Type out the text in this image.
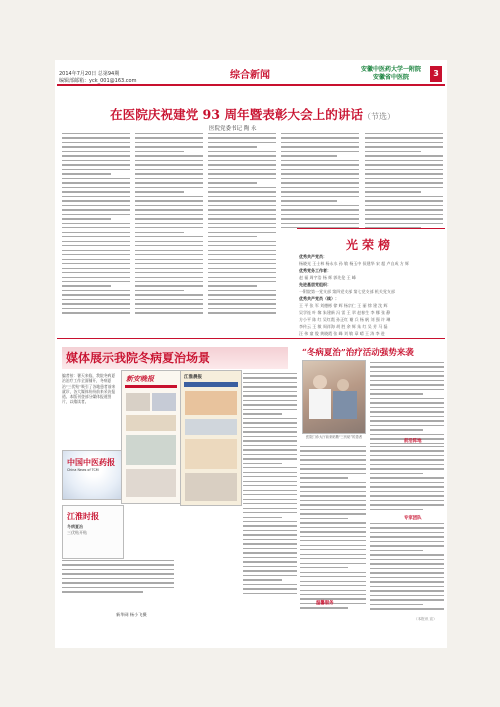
2014年7月20日 总第94期
编辑部邮箱：yck_001@163.com	综合新闻
安徽中医药大学一附院
安徽省中医院	3
在医院庆祝建党 93 周年暨表彰大会上的讲话（节选）
医院党委书记 陶 永
光荣榜
优秀共产党员：
杨晓光 王士林 杨永水 孙 敏 杨玉中 侯建华 宋 超 卢自成 方 辉
优秀党务工作者：
赵 福 周宇浩 杨 辉 郭先伦 王 峰
先进基层党组织：
一附院第一党支部 第四党支部 第七党支部 机关党支部
优秀共产党员（续）：
王 平 张 军 刘德彬 徐 辉 杨宗仁 王 丽 徐 建 沈 辉
吴学连 叶 黎 朱建新 冯 雷 王 翠 赵春生 李 娜 张 静
方小平 陈 红 吴红霞 孙正红 谢 兵 杨 帆 刘 强 许 琳
李传云 王 敏 周祥海 胡 胜 余 辉 朱 红 吴 芳 马 磊
汪 伟 童 俊 黄晓霞 张 峰 刘 敏 章 晴 王 涛 李 进
媒体展示我院冬病夏治场景
编者按：暑天来临，我院冬病夏治治疗工作全面铺开，冬病夏治“三伏贴”吸引了各地患者前来就诊，各大媒体纷纷前来采访报道。本版刊登部分媒体报道图片，以飨读者。
中国中医药报
China News of TCM
新安晚报	江淮晨报
江淮时报
冬病夏治
三伏贴开贴
新华网 杨小飞摄
“冬病夏治”治疗活动强势来袭
医院门诊大厅前来贴敷“三伏贴”的患者
前沿阵地
专家团队
温馨服务
（本报讯 宣）
